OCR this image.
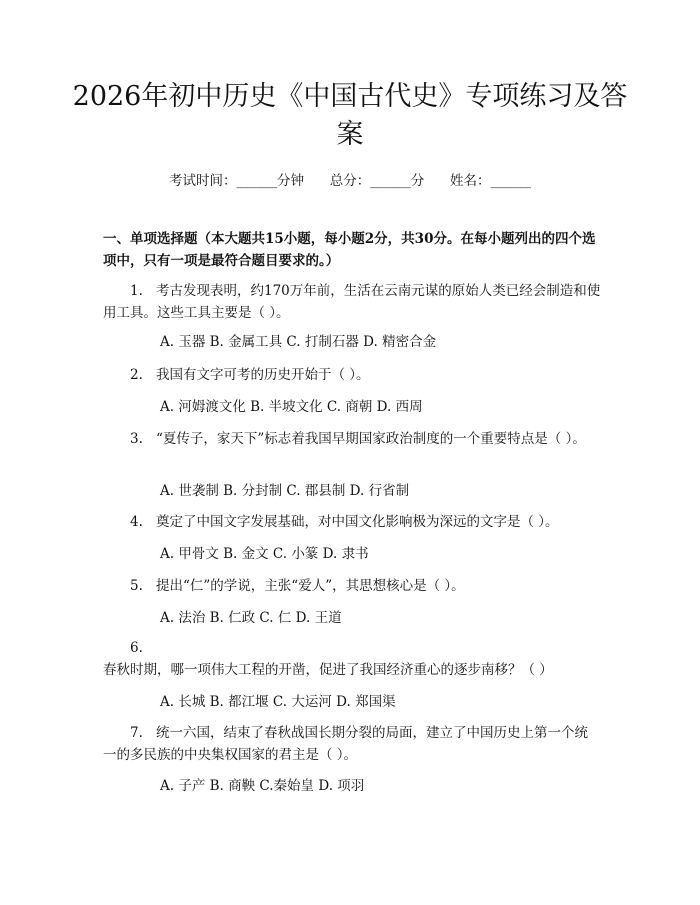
2026年初中历史《中国古代史》专项练习及答案
考试时间：______分钟      总分：______分      姓名：______
一、单项选择题（本大题共15小题，每小题2分，共30分。在每小题列出的四个选项中，只有一项是最符合题目要求的。）
1. 考古发现表明，约170万年前，生活在云南元谋的原始人类已经会制造和使用工具。这些工具主要是（ ）。
A. 玉器 B. 金属工具 C. 打制石器 D. 精密合金
2. 我国有文字可考的历史开始于（ ）。
A. 河姆渡文化 B. 半坡文化 C. 商朝 D. 西周
3. “夏传子，家天下”标志着我国早期国家政治制度的一个重要特点是（ ）。
A. 世袭制 B. 分封制 C. 郡县制 D. 行省制
4. 奠定了中国文字发展基础，对中国文化影响极为深远的文字是（ ）。
A. 甲骨文 B. 金文 C. 小篆 D. 隶书
5. 提出“仁”的学说，主张“爱人”，其思想核心是（ ）。
A. 法治 B. 仁政 C. 仁 D. 王道
6.春秋时期，哪一项伟大工程的开凿，促进了我国经济重心的逐步南移？（ ）
A. 长城 B. 都江堰 C. 大运河 D. 郑国渠
7. 统一六国，结束了春秋战国长期分裂的局面，建立了中国历史上第一个统一的多民族的中央集权国家的君主是（ ）。
A. 子产 B. 商鞅 C.秦始皇 D. 项羽
